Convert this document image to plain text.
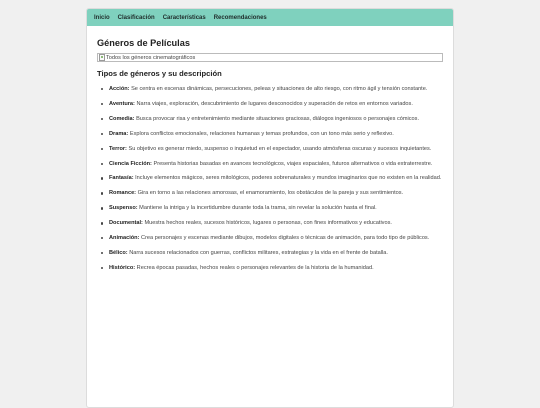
Inicio	Clasificación	Características	Recomendaciones
Géneros de Películas
Todos los géneros cinematográficos
Tipos de géneros y su descripción
Acción: Se centra en escenas dinámicas, persecuciones, peleas y situaciones de alto riesgo, con ritmo ágil y tensión constante.
Aventura: Narra viajes, exploración, descubrimiento de lugares desconocidos y superación de retos en entornos variados.
Comedia: Busca provocar risa y entretenimiento mediante situaciones graciosas, diálogos ingeniosos o personajes cómicos.
Drama: Explora conflictos emocionales, relaciones humanas y temas profundos, con un tono más serio y reflexivo.
Terror: Su objetivo es generar miedo, suspenso o inquietud en el espectador, usando atmósferas oscuras y sucesos inquietantes.
Ciencia Ficción: Presenta historias basadas en avances tecnológicos, viajes espaciales, futuros alternativos o vida extraterrestre.
Fantasía: Incluye elementos mágicos, seres mitológicos, poderes sobrenaturales y mundos imaginarios que no existen en la realidad.
Romance: Gira en torno a las relaciones amorosas, el enamoramiento, los obstáculos de la pareja y sus sentimientos.
Suspenso: Mantiene la intriga y la incertidumbre durante toda la trama, sin revelar la solución hasta el final.
Documental: Muestra hechos reales, sucesos históricos, lugares o personas, con fines informativos y educativos.
Animación: Crea personajes y escenas mediante dibujos, modelos digitales o técnicas de animación, para todo tipo de públicos.
Bélico: Narra sucesos relacionados con guerras, conflictos militares, estrategias y la vida en el frente de batalla.
Histórico: Recrea épocas pasadas, hechos reales o personajes relevantes de la historia de la humanidad.
